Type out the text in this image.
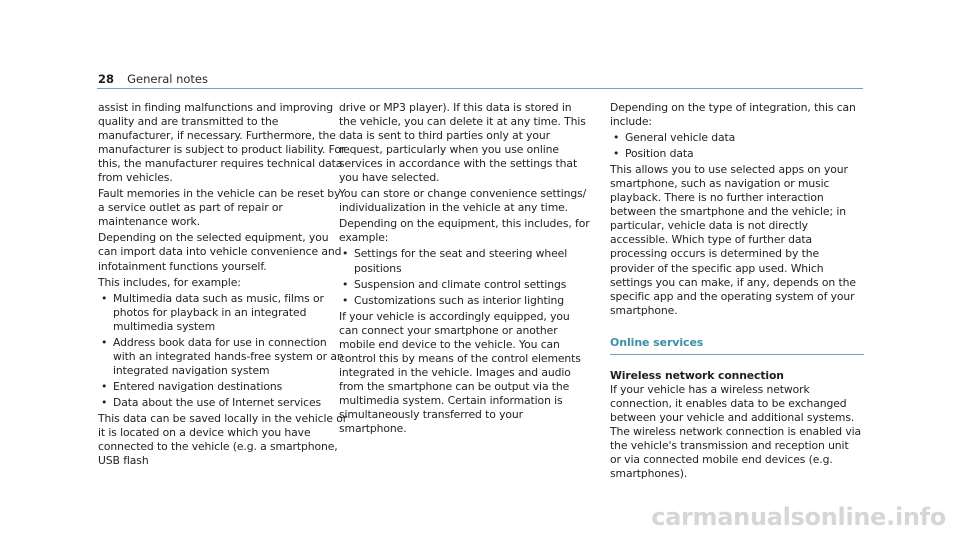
28 General notes

assist in finding malfunctions and improving quality and are transmitted to the manufacturer, if necessary. Furthermore, the manufacturer is subject to product liability. For this, the manufacturer requires technical data from vehicles.

Fault memories in the vehicle can be reset by a service outlet as part of repair or maintenance work.

Depending on the selected equipment, you can import data into vehicle convenience and infotainment functions yourself.

This includes, for example:

• Multimedia data such as music, films or photos for playback in an integrated multimedia system
• Address book data for use in connection with an integrated hands-free system or an integrated navigation system
• Entered navigation destinations
• Data about the use of Internet services

This data can be saved locally in the vehicle or it is located on a device which you have connected to the vehicle (e.g. a smartphone, USB flash

drive or MP3 player). If this data is stored in the vehicle, you can delete it at any time. This data is sent to third parties only at your request, particularly when you use online services in accordance with the settings that you have selected.

You can store or change convenience settings/ individualization in the vehicle at any time.

Depending on the equipment, this includes, for example:

• Settings for the seat and steering wheel positions
• Suspension and climate control settings
• Customizations such as interior lighting

If your vehicle is accordingly equipped, you can connect your smartphone or another mobile end device to the vehicle. You can control this by means of the control elements integrated in the vehicle. Images and audio from the smartphone can be output via the multimedia system. Certain information is simultaneously transferred to your smartphone.

Depending on the type of integration, this can include:

• General vehicle data
• Position data

This allows you to use selected apps on your smartphone, such as navigation or music playback. There is no further interaction between the smartphone and the vehicle; in particular, vehicle data is not directly accessible. Which type of further data processing occurs is determined by the provider of the specific app used. Which settings you can make, if any, depends on the specific app and the operating system of your smartphone.

Online services
Wireless network connection

If your vehicle has a wireless network connection, it enables data to be exchanged between your vehicle and additional systems. The wireless network connection is enabled via the vehicle's transmission and reception unit or via connected mobile end devices (e.g. smartphones).

carmanualsonline.info
